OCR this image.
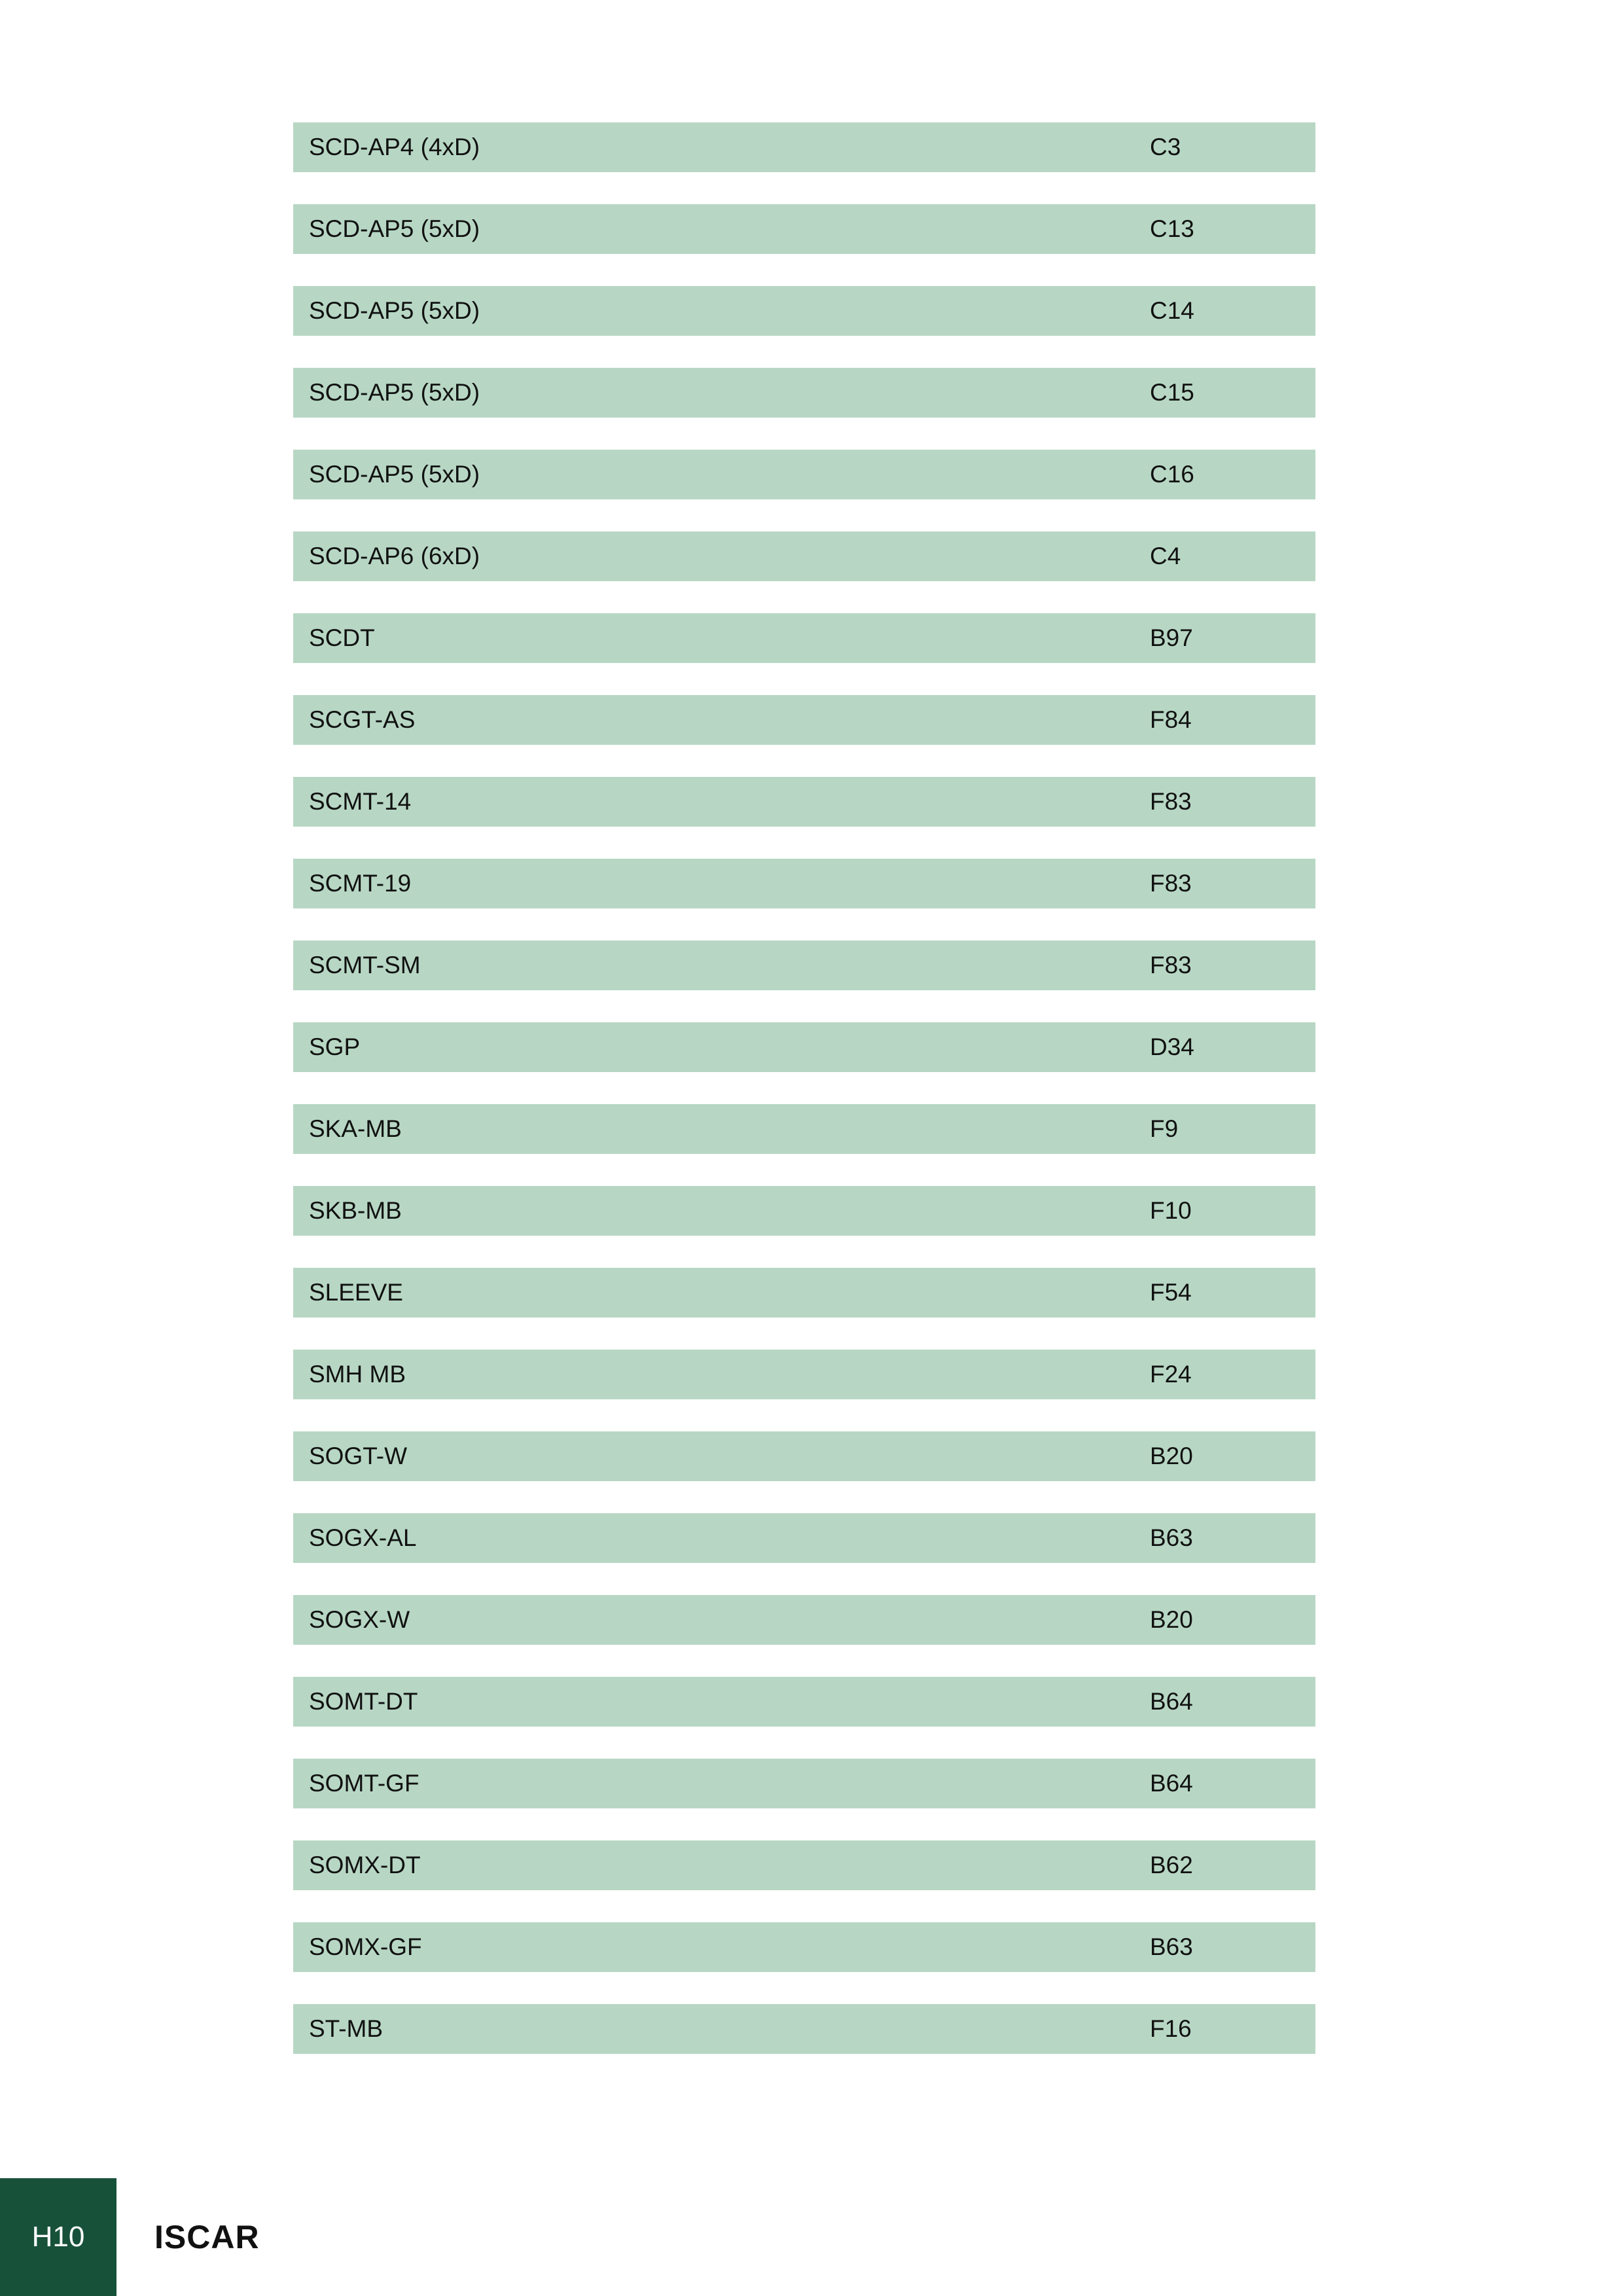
SCD-AP4 (4xD)	C3
SCD-AP5 (5xD)	C13
SCD-AP5 (5xD)	C14
SCD-AP5 (5xD)	C15
SCD-AP5 (5xD)	C16
SCD-AP6 (6xD)	C4
SCDT	B97
SCGT-AS	F84
SCMT-14	F83
SCMT-19	F83
SCMT-SM	F83
SGP	D34
SKA-MB	F9
SKB-MB	F10
SLEEVE	F54
SMH MB	F24
SOGT-W	B20
SOGX-AL	B63
SOGX-W	B20
SOMT-DT	B64
SOMT-GF	B64
SOMX-DT	B62
SOMX-GF	B63
ST-MB	F16
H10	ISCAR
